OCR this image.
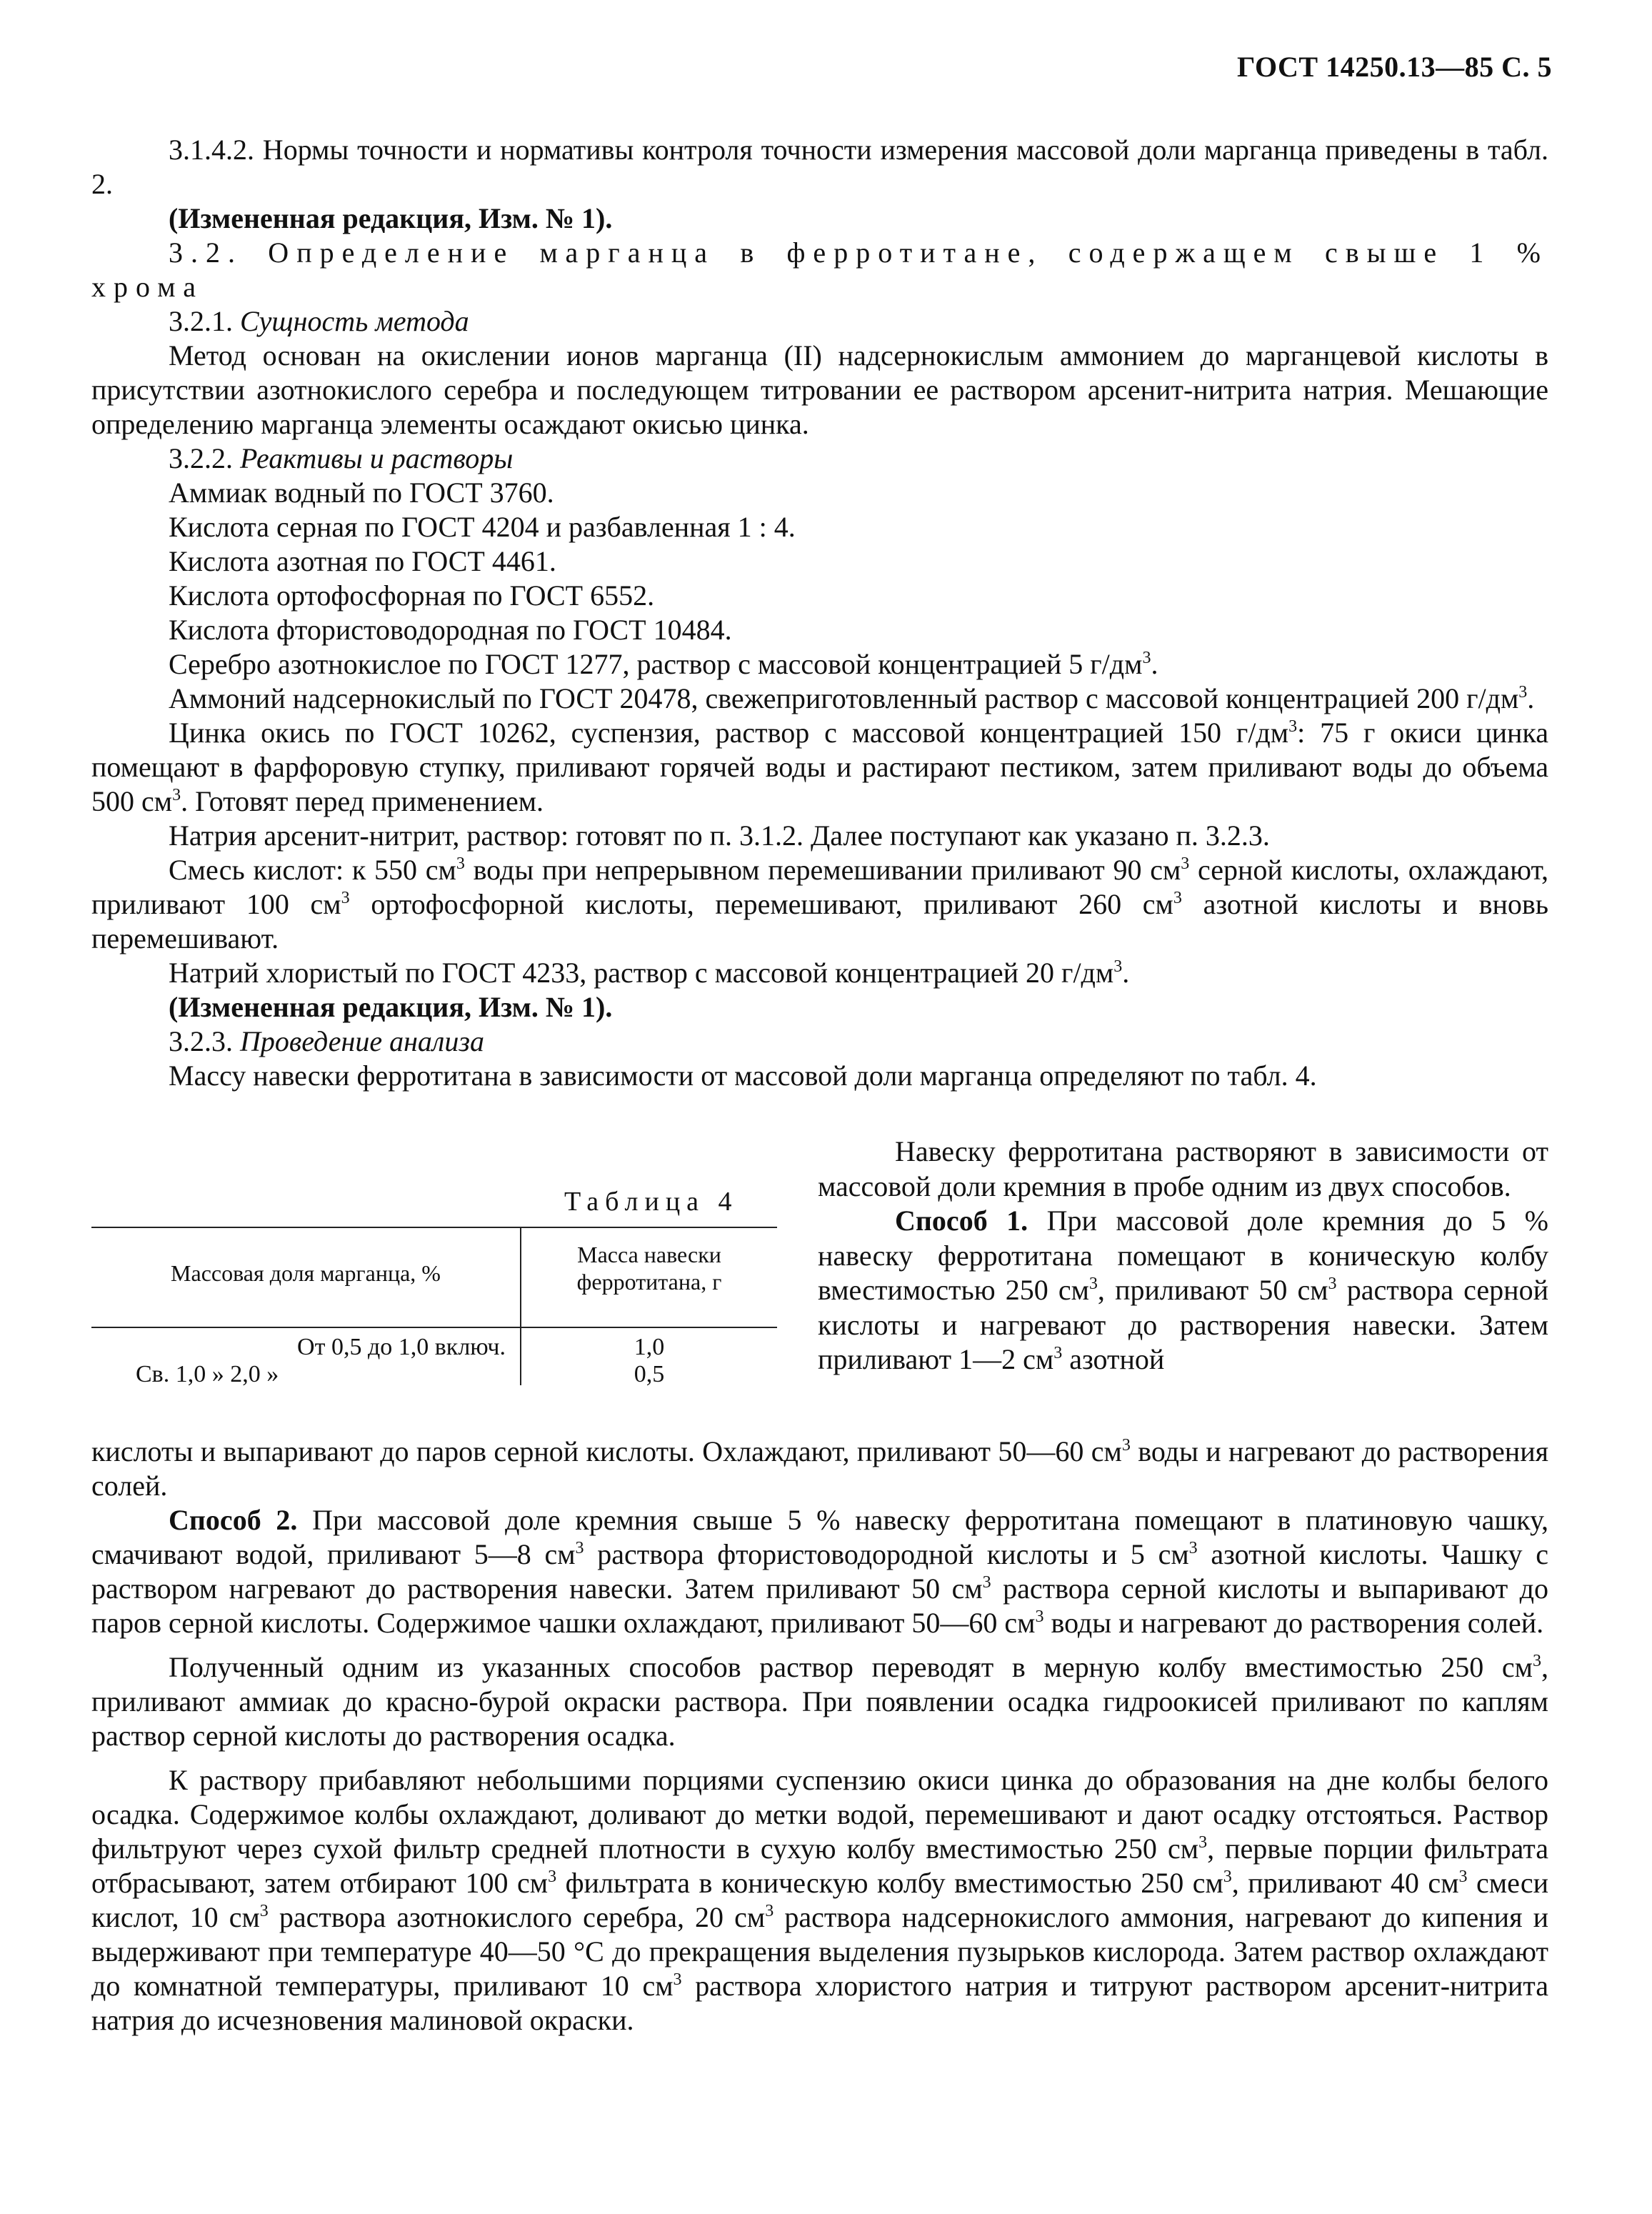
ГОСТ 14250.13—85 С. 5

3.1.4.2. Нормы точности и нормативы контроля точности измерения массовой доли марганца приведены в табл. 2.

(Измененная редакция, Изм. № 1).

3.2. Определение марганца в ферротитане, содержащем свыше 1 % хрома

3.2.1. Сущность метода

Метод основан на окислении ионов марганца (II) надсернокислым аммонием до марганцевой кислоты в присутствии азотнокислого серебра и последующем титровании ее раствором арсенит-нитрита натрия. Мешающие определению марганца элементы осаждают окисью цинка.

3.2.2. Реактивы и растворы

Аммиак водный по ГОСТ 3760.

Кислота серная по ГОСТ 4204 и разбавленная 1 : 4.

Кислота азотная по ГОСТ 4461.

Кислота ортофосфорная по ГОСТ 6552.

Кислота фтористоводородная по ГОСТ 10484.

Серебро азотнокислое по ГОСТ 1277, раствор с массовой концентрацией 5 $г/дм^3$.

Аммоний надсернокислый по ГОСТ 20478, свежеприготовленный раствор с массовой концентрацией 200 $г/дм^3$.

Цинка окись по ГОСТ 10262, суспензия, раствор с массовой концентрацией 150 $г/дм^3$: 75 г окиси цинка помещают в фарфоровую ступку, приливают горячей воды и растирают пестиком, затем приливают воды до объема 500 $см^3$. Готовят перед применением.

Натрия арсенит-нитрит, раствор: готовят по п. 3.1.2. Далее поступают как указано п. 3.2.3.

Смесь кислот: к 550 $см^3$ воды при непрерывном перемешивании приливают 90 $см^3$ серной кислоты, охлаждают, приливают 100 $см^3$ ортофосфорной кислоты, перемешивают, приливают 260 $см^3$ азотной кислоты и вновь перемешивают.

Натрий хлористый по ГОСТ 4233, раствор с массовой концентрацией 20 $г/дм^3$.

(Измененная редакция, Изм. № 1).

3.2.3. Проведение анализа

Массу навески ферротитана в зависимости от массовой доли марганца определяют по табл. 4.

Таблица 4
Массовая доля марганца, %
Масса навески
ферротитана, г
От 0,5 до 1,0 включ.	1,0
Св. 1,0 » 2,0 »	0,5

Навеску ферротитана растворяют в зависимости от массовой доли кремния в пробе одним из двух способов.

Способ 1. При массовой доле кремния до 5 % навеску ферротитана помещают в коническую колбу вместимостью 250 $см^3$, приливают 50 $см^3$ раствора серной кислоты и нагревают до растворения навески. Затем приливают 1—2 $см^3$ азотной

кислоты и выпаривают до паров серной кислоты. Охлаждают, приливают 50—60 $см^3$ воды и нагревают до растворения солей.

Способ 2. При массовой доле кремния свыше 5 % навеску ферротитана помещают в платиновую чашку, смачивают водой, приливают 5—8 $см^3$ раствора фтористоводородной кислоты и 5 $см^3$ азотной кислоты. Чашку с раствором нагревают до растворения навески. Затем приливают 50 $см^3$ раствора серной кислоты и выпаривают до паров серной кислоты. Содержимое чашки охлаждают, приливают 50—60 $см^3$ воды и нагревают до растворения солей.

Полученный одним из указанных способов раствор переводят в мерную колбу вместимостью 250 $см^3$, приливают аммиак до красно-бурой окраски раствора. При появлении осадка гидроокисей приливают по каплям раствор серной кислоты до растворения осадка.

К раствору прибавляют небольшими порциями суспензию окиси цинка до образования на дне колбы белого осадка. Содержимое колбы охлаждают, доливают до метки водой, перемешивают и дают осадку отстояться. Раствор фильтруют через сухой фильтр средней плотности в сухую колбу вместимостью 250 $см^3$, первые порции фильтрата отбрасывают, затем отбирают 100 $см^3$ фильтрата в коническую колбу вместимостью 250 $см^3$, приливают 40 $см^3$ смеси кислот, 10 $см^3$ раствора азотнокислого серебра, 20 $см^3$ раствора надсернокислого аммония, нагревают до кипения и выдерживают при температуре 40—50 °С до прекращения выделения пузырьков кислорода. Затем раствор охлаждают до комнатной температуры, приливают 10 $см^3$ раствора хлористого натрия и титруют раствором арсенит-нитрита натрия до исчезновения малиновой окраски.
